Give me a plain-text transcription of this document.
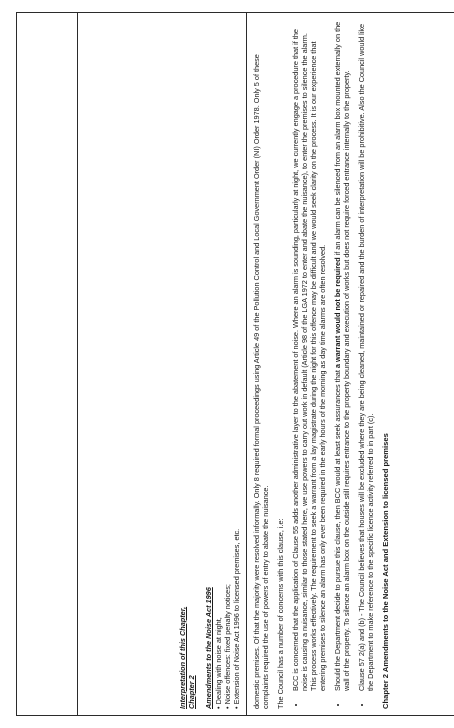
Interpretation of this Chapter, Chapter 2 Amendments to the Noise Act 1996 • Dealing with noise at night, • Noise offences: fixed penalty notices; • Extension of Noise Act 1996 to licensed premises, etc.

domestic premises. Of that the majority were resolved informally. Only 8 required formal proceedings using Article 49 of the Pollution Control and Local Government Order (NI) Order 1978. Only 5 of these complaints required the use of powers of entry to abate the nuisance. The Council has a number of concerns with this clause, i.e: • BCC is concerned that the application of Clause 55 adds another administrative layer to the abatement of noise. Where an alarm is sounding, particularly at night, we currently engage a procedure that if the noise is causing a nuisance, similar to those stated here, we use powers to carry out work in default (Article 98 of the LGA 1972 to enter and abate the nuisance), to enter the premises to silence the alarm. This process works effectively. The requirement to seek a warrant from a lay magistrate during the night for this offence may be difficult and we would seek clarity on the process. It is our experience that entering premises to silence an alarm has only ever been required in the early hours of the morning as day time alarms are often resolved. • Should the Department decide to pursue this clause, then BCC would at least seek assurances that a warrant would not be required if an alarm can be silenced from an alarm box mounted externally on the wall of the property. To silence an alarm box on the outside still requires entrance to the property boundary and execution of works but does not require forced entrance internally to the property. • Clause 57 2(a) and (b) - The Council believes that houses will be excluded where they are being cleaned, maintained or repaired and the burden of interpretation will be prohibitive. Also the Council would like the Department to make reference to the specific licence activity referred to in part (c). Chapter 2 Amendments to the Noise Act and Extension to licensed premises
